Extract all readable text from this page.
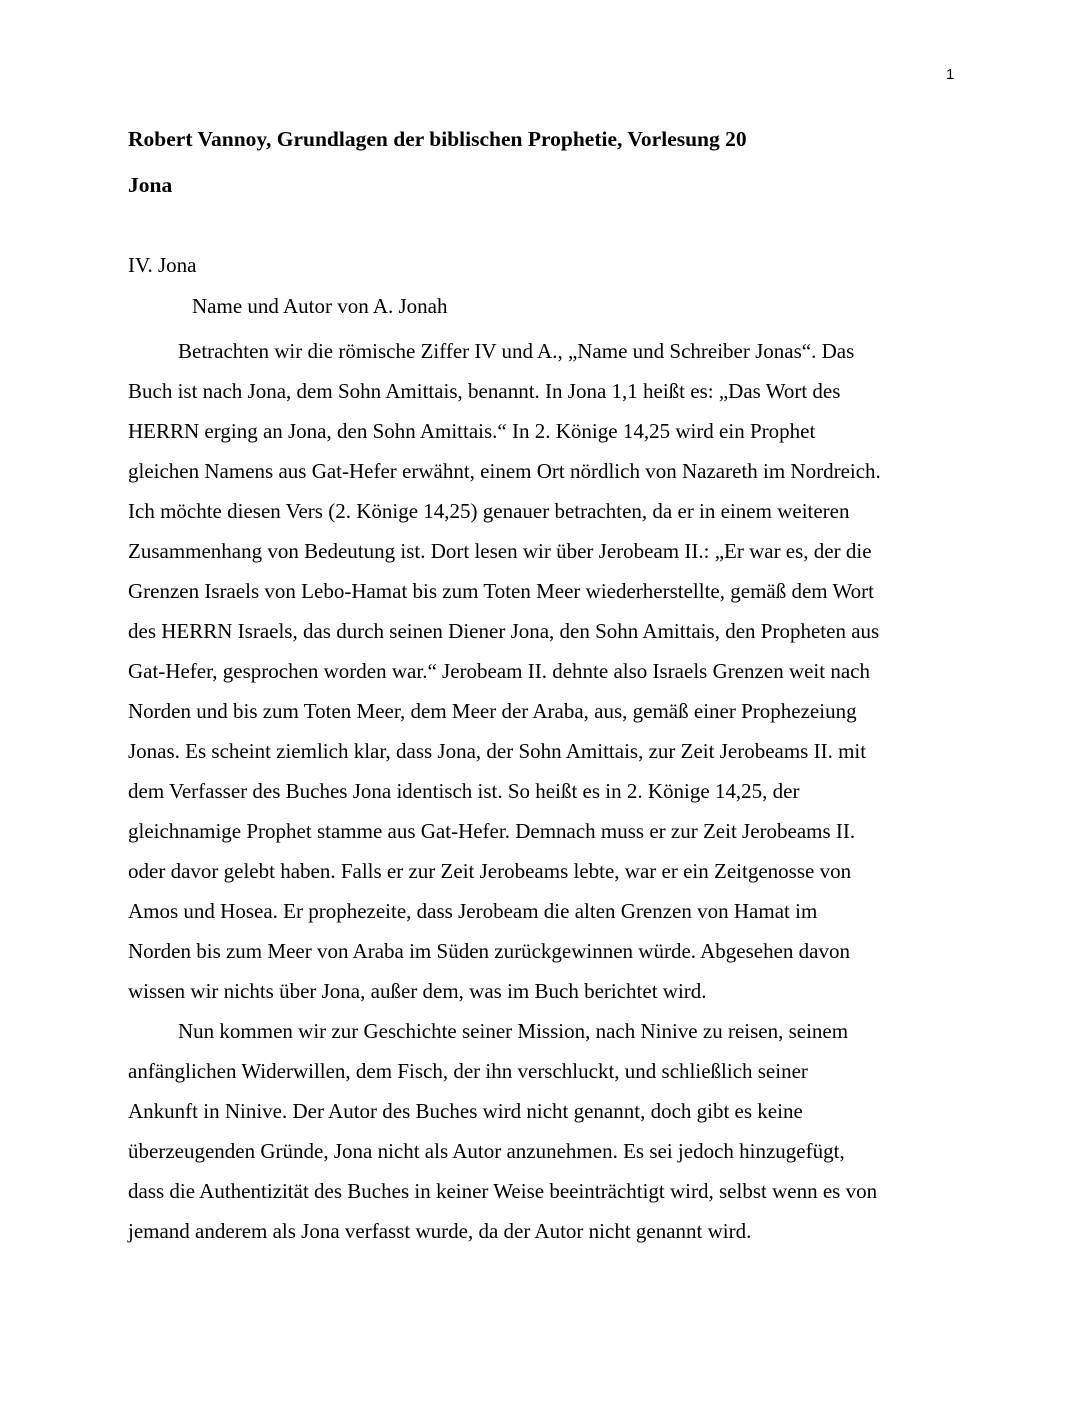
1
Robert Vannoy, Grundlagen der biblischen Prophetie, Vorlesung 20
Jona
IV. Jona
Name und Autor von A. Jonah

Betrachten wir die römische Ziffer IV und A., „Name und Schreiber Jonas“. Das
Buch ist nach Jona, dem Sohn Amittais, benannt. In Jona 1,1 heißt es: „Das Wort des
HERRN erging an Jona, den Sohn Amittais.“ In 2. Könige 14,25 wird ein Prophet
gleichen Namens aus Gat-Hefer erwähnt, einem Ort nördlich von Nazareth im Nordreich.
Ich möchte diesen Vers (2. Könige 14,25) genauer betrachten, da er in einem weiteren
Zusammenhang von Bedeutung ist. Dort lesen wir über Jerobeam II.: „Er war es, der die
Grenzen Israels von Lebo-Hamat bis zum Toten Meer wiederherstellte, gemäß dem Wort
des HERRN Israels, das durch seinen Diener Jona, den Sohn Amittais, den Propheten aus
Gat-Hefer, gesprochen worden war.“ Jerobeam II. dehnte also Israels Grenzen weit nach
Norden und bis zum Toten Meer, dem Meer der Araba, aus, gemäß einer Prophezeiung
Jonas. Es scheint ziemlich klar, dass Jona, der Sohn Amittais, zur Zeit Jerobeams II. mit
dem Verfasser des Buches Jona identisch ist. So heißt es in 2. Könige 14,25, der
gleichnamige Prophet stamme aus Gat-Hefer. Demnach muss er zur Zeit Jerobeams II.
oder davor gelebt haben. Falls er zur Zeit Jerobeams lebte, war er ein Zeitgenosse von
Amos und Hosea. Er prophezeite, dass Jerobeam die alten Grenzen von Hamat im
Norden bis zum Meer von Araba im Süden zurückgewinnen würde. Abgesehen davon
wissen wir nichts über Jona, außer dem, was im Buch berichtet wird.

Nun kommen wir zur Geschichte seiner Mission, nach Ninive zu reisen, seinem
anfänglichen Widerwillen, dem Fisch, der ihn verschluckt, und schließlich seiner
Ankunft in Ninive. Der Autor des Buches wird nicht genannt, doch gibt es keine
überzeugenden Gründe, Jona nicht als Autor anzunehmen. Es sei jedoch hinzugefügt,
dass die Authentizität des Buches in keiner Weise beeinträchtigt wird, selbst wenn es von
jemand anderem als Jona verfasst wurde, da der Autor nicht genannt wird.
